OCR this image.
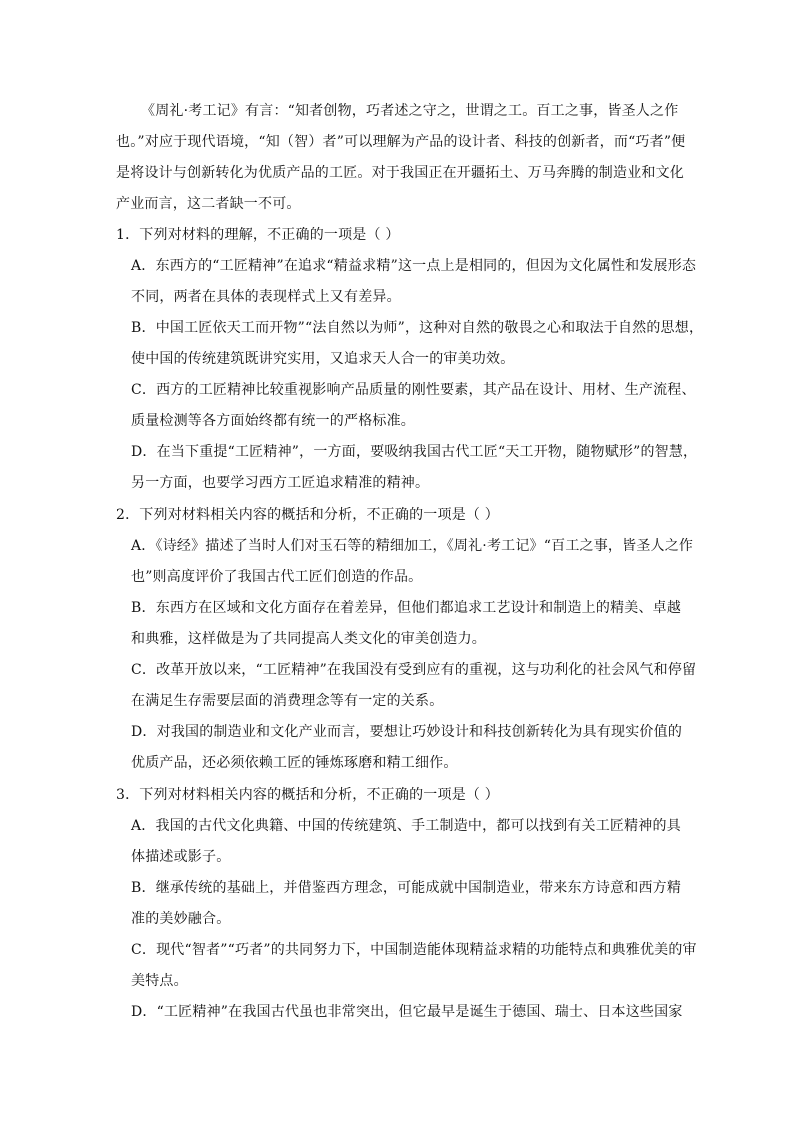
《周礼·考工记》有言：“知者创物，巧者述之守之，世谓之工。百工之事，皆圣人之作
也。”对应于现代语境，“知（智）者”可以理解为产品的设计者、科技的创新者，而“巧者”便
是将设计与创新转化为优质产品的工匠。对于我国正在开疆拓土、万马奔腾的制造业和文化
产业而言，这二者缺一不可。
1．下列对材料的理解，不正确的一项是（ ）
A．东西方的“工匠精神”在追求“精益求精”这一点上是相同的，但因为文化属性和发展形态
不同，两者在具体的表现样式上又有差异。
B．中国工匠依天工而开物”“法自然以为师”，这种对自然的敬畏之心和取法于自然的思想，
使中国的传统建筑既讲究实用，又追求天人合一的审美功效。
C．西方的工匠精神比较重视影响产品质量的刚性要素，其产品在设计、用材、生产流程、
质量检测等各方面始终都有统一的严格标准。
D．在当下重提“工匠精神”，一方面，要吸纳我国古代工匠“天工开物，随物赋形”的智慧，
另一方面，也要学习西方工匠追求精准的精神。
2．下列对材料相关内容的概括和分析，不正确的一项是（ ）
A．《诗经》描述了当时人们对玉石等的精细加工，《周礼·考工记》“百工之事，皆圣人之作
也”则高度评价了我国古代工匠们创造的作品。
B．东西方在区域和文化方面存在着差异，但他们都追求工艺设计和制造上的精美、卓越
和典雅，这样做是为了共同提高人类文化的审美创造力。
C．改革开放以来，“工匠精神”在我国没有受到应有的重视，这与功利化的社会风气和停留
在满足生存需要层面的消费理念等有一定的关系。
D．对我国的制造业和文化产业而言，要想让巧妙设计和科技创新转化为具有现实价值的
优质产品，还必须依赖工匠的锤炼琢磨和精工细作。
3．下列对材料相关内容的概括和分析，不正确的一项是（ ）
A．我国的古代文化典籍、中国的传统建筑、手工制造中，都可以找到有关工匠精神的具
体描述或影子。
B．继承传统的基础上，并借鉴西方理念，可能成就中国制造业，带来东方诗意和西方精
准的美妙融合。
C．现代“智者”“巧者”的共同努力下，中国制造能体现精益求精的功能特点和典雅优美的审
美特点。
D．“工匠精神”在我国古代虽也非常突出，但它最早是诞生于德国、瑞士、日本这些国家
